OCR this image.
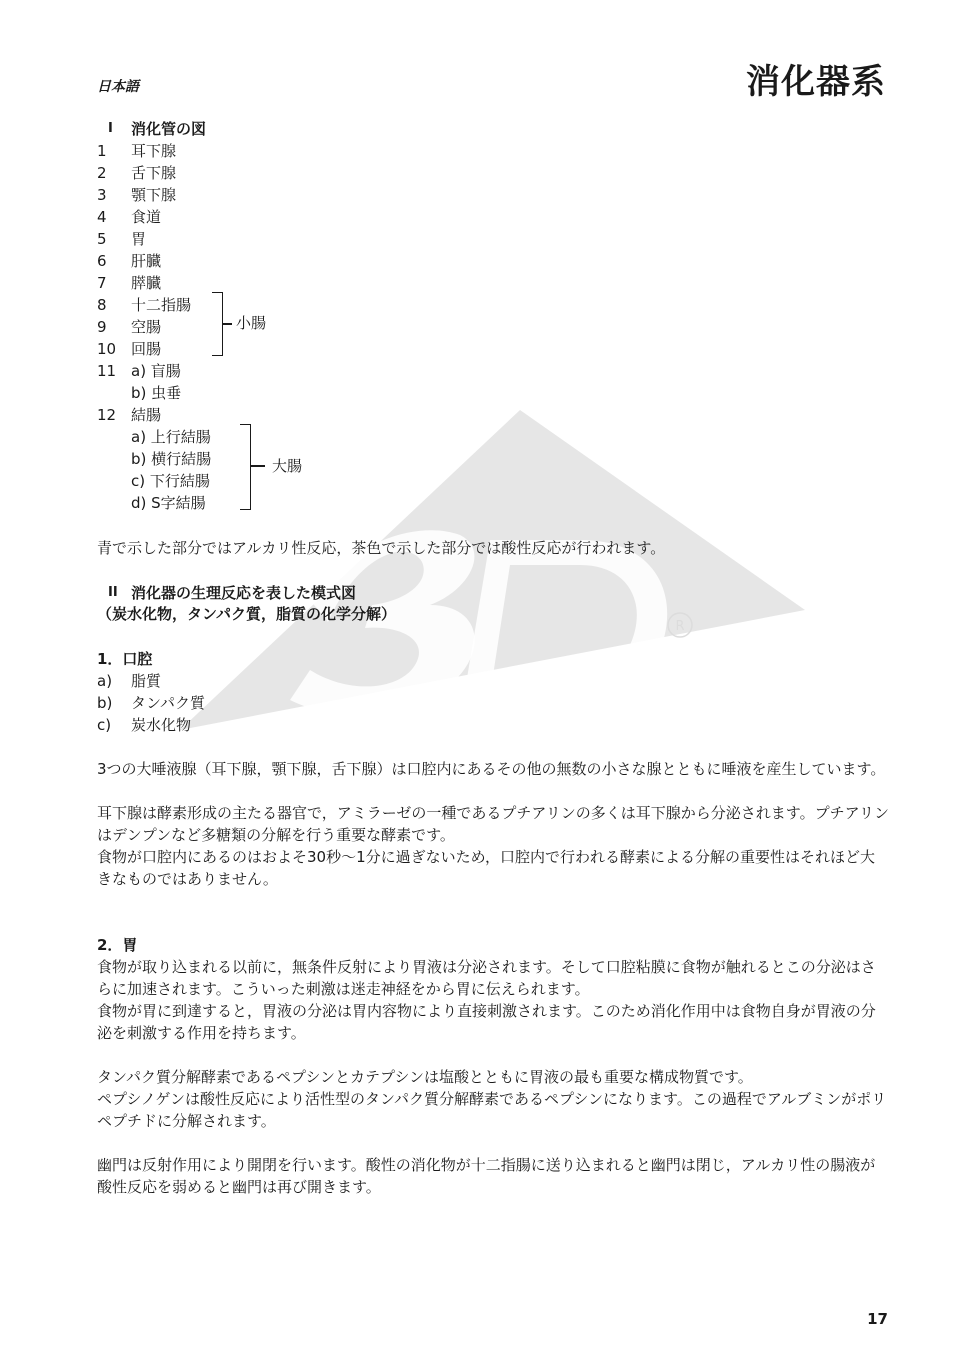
日本語	消化器系
R
I 消化管の図
1	耳下腺
2	舌下腺
3	顎下腺
4	食道
5	胃
6	肝臓
7	膵臓
8	十二指腸
9	空腸
10 回腸
11 a) 盲腸
b) 虫垂
12 結腸
a) 上行結腸
b) 横行結腸
c) 下行結腸
d) S字結腸
小腸
大腸
青で示した部分ではアルカリ性反応，茶色で示した部分では酸性反応が行われます。
II 消化器の生理反応を表した模式図
（炭水化物，タンパク質，脂質の化学分解）
1．口腔
a) 脂質
b) タンパク質
c) 炭水化物
3つの大唾液腺（耳下腺，顎下腺，舌下腺）は口腔内にあるその他の無数の小さな腺とともに唾液を産生しています。
耳下腺は酵素形成の主たる器官で，アミラーゼの一種であるプチアリンの多くは耳下腺から分泌されます。プチアリンはデンプンなど多糖類の分解を行う重要な酵素です。
食物が口腔内にあるのはおよそ30秒〜1分に過ぎないため，口腔内で行われる酵素による分解の重要性はそれほど大きなものではありません。
2．胃
食物が取り込まれる以前に，無条件反射により胃液は分泌されます。そして口腔粘膜に食物が触れるとこの分泌はさらに加速されます。こういった刺激は迷走神経をから胃に伝えられます。
食物が胃に到達すると，胃液の分泌は胃内容物により直接刺激されます。このため消化作用中は食物自身が胃液の分泌を刺激する作用を持ちます。
タンパク質分解酵素であるペプシンとカテプシンは塩酸とともに胃液の最も重要な構成物質です。
ペプシノゲンは酸性反応により活性型のタンパク質分解酵素であるペプシンになります。この過程でアルブミンがポリペプチドに分解されます。
幽門は反射作用により開閉を行います。酸性の消化物が十二指腸に送り込まれると幽門は閉じ，アルカリ性の腸液が酸性反応を弱めると幽門は再び開きます。
17
